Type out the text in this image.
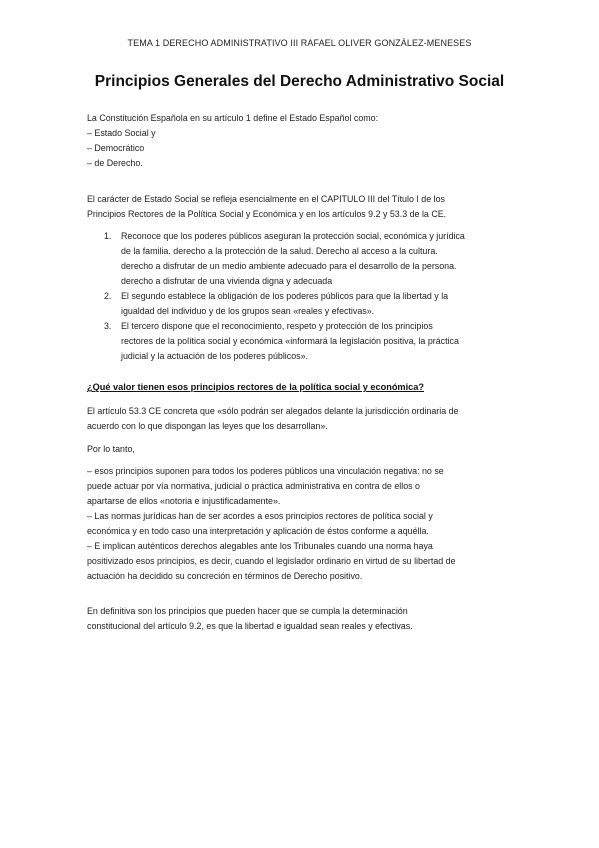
TEMA 1 DERECHO ADMINISTRATIVO III RAFAEL OLIVER GONZÁLEZ-MENESES
Principios Generales del Derecho Administrativo Social

La Constitución Española en su artículo 1 define el Estado Español como:

– Estado Social y

– Democrático

– de Derecho.

El carácter de Estado Social se refleja esencialmente en el CAPITULO III del Título I de los

Principios Rectores de la Política Social y Económica y en los artículos 9.2 y 53.3 de la CE.

1. Reconoce que los poderes públicos aseguran la protección social, económica y jurídica
de la familia. derecho a la protección de la salud. Derecho al acceso a la cultura.
derecho a disfrutar de un medio ambiente adecuado para el desarrollo de la persona.
derecho a disfrutar de una vivienda digna y adecuada
2. El segundo establece la obligación de los poderes públicos para que la libertad y la
igualdad del individuo y de los grupos sean «reales y efectivas».
3. El tercero dispone que el reconocimiento, respeto y protección de los principios
rectores de la política social y económica «informará la legislación positiva, la práctica
judicial y la actuación de los poderes públicos».
¿Qué valor tienen esos principios rectores de la política social y económica?

El artículo 53.3 CE concreta que «sólo podrán ser alegados delante la jurisdicción ordinaria de

acuerdo con lo que dispongan las leyes que los desarrollan».

Por lo tanto,

– esos principios suponen para todos los poderes públicos una vinculación negativa: no se

puede actuar por vía normativa, judicial o práctica administrativa en contra de ellos o

apartarse de ellos «notoria e injustificadamente».

– Las normas jurídicas han de ser acordes a esos principios rectores de política social y

económica y en todo caso una interpretación y aplicación de éstos conforme a aquélla.

– E implican auténticos derechos alegables ante los Tribunales cuando una norma haya

positivizado esos principios, es decir, cuando el legislador ordinario en virtud de su libertad de

actuación ha decidido su concreción en términos de Derecho positivo.

En definitiva son los principios que pueden hacer que se cumpla la determinación

constitucional del artículo 9.2, es que la libertad e igualdad sean reales y efectivas.
